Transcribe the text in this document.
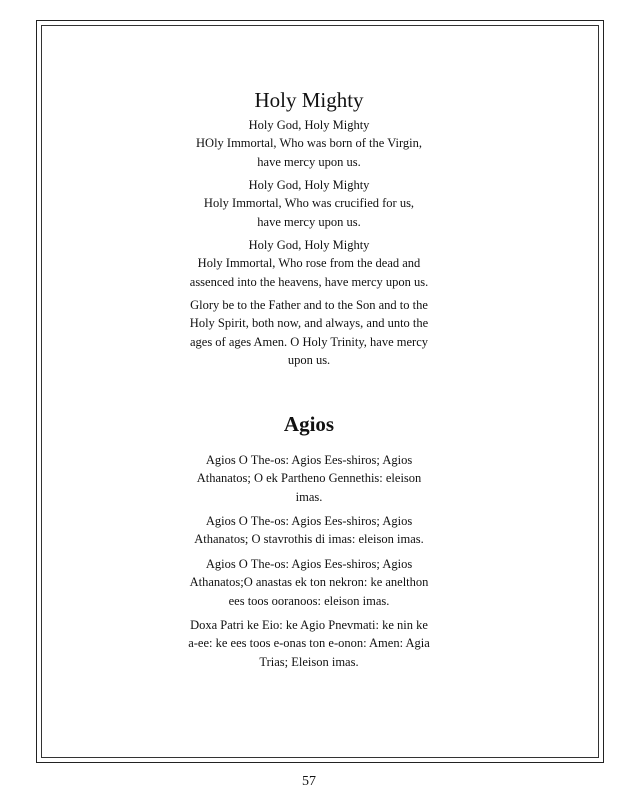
Holy Mighty
Holy God, Holy Mighty
HOly Immortal, Who was born of the Virgin,
have mercy upon us.
Holy God, Holy Mighty
Holy Immortal, Who was crucified for us,
have mercy upon us.
Holy God, Holy Mighty
Holy Immortal, Who rose from the dead and
assenced into the heavens, have mercy upon us.
Glory be to the Father and to the Son and to the
Holy Spirit, both now, and always, and unto the
ages of ages Amen. O Holy Trinity, have mercy
upon us.
Agios
Agios O The-os: Agios Ees-shiros; Agios
Athanatos; O ek Partheno Gennethis: eleison
imas.
Agios O The-os: Agios Ees-shiros; Agios
Athanatos; O stavrothis di imas: eleison imas.
Agios O The-os: Agios Ees-shiros; Agios
Athanatos;O anastas ek ton nekron: ke anelthon
ees toos ooranoos: eleison imas.
Doxa Patri ke Eio: ke Agio Pnevmati: ke nin ke
a-ee: ke ees toos e-onas ton e-onon: Amen: Agia
Trias; Eleison imas.
57
